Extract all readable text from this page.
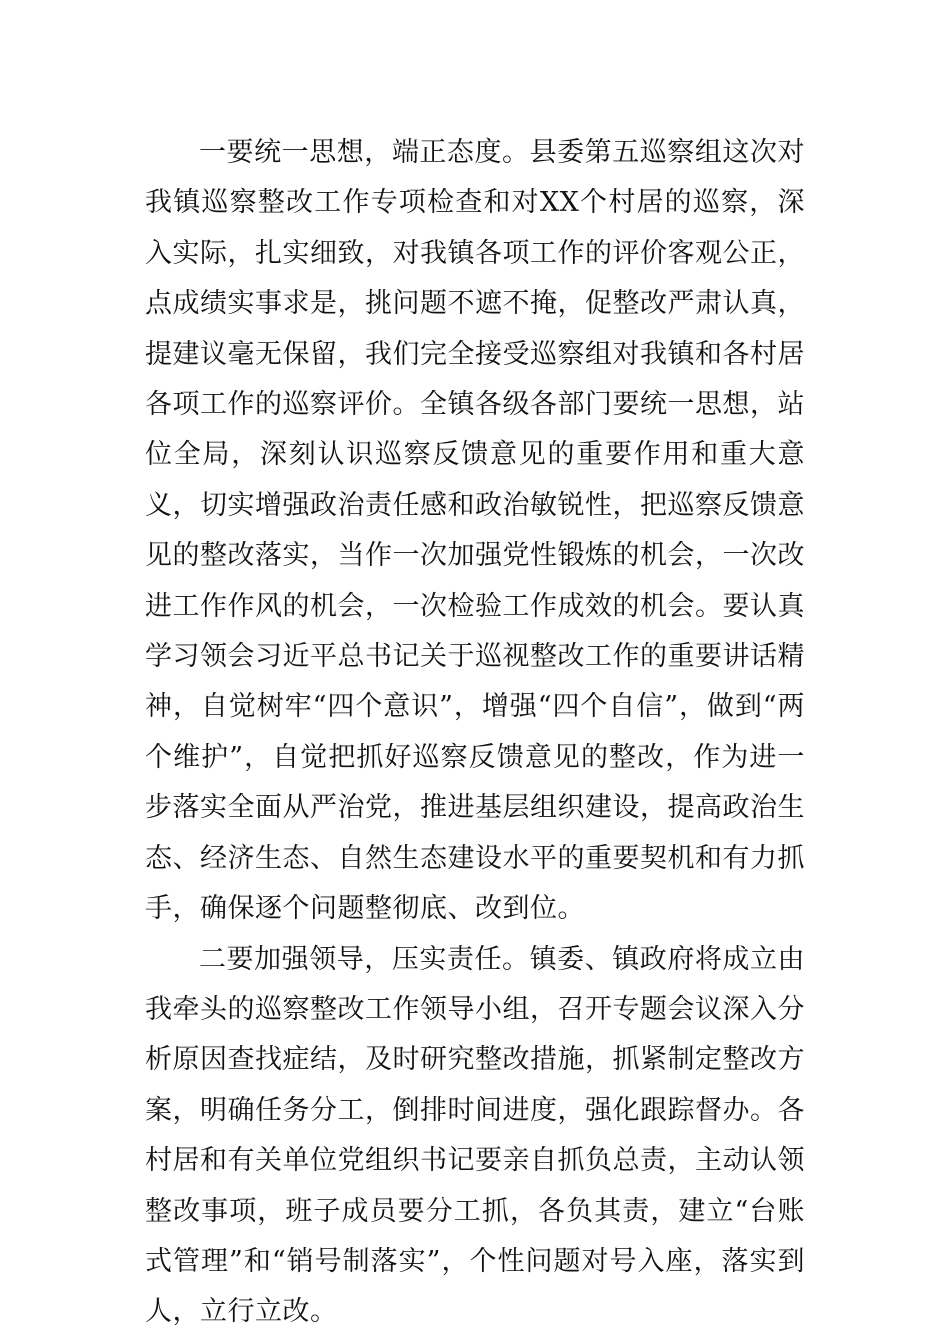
一要统一思想，端正态度。县委第五巡察组这次对我镇巡察整改工作专项检查和对XX个村居的巡察，深入实际，扎实细致，对我镇各项工作的评价客观公正，点成绩实事求是，挑问题不遮不掩，促整改严肃认真，提建议毫无保留，我们完全接受巡察组对我镇和各村居各项工作的巡察评价。全镇各级各部门要统一思想，站位全局，深刻认识巡察反馈意见的重要作用和重大意义，切实增强政治责任感和政治敏锐性，把巡察反馈意见的整改落实，当作一次加强党性锻炼的机会，一次改进工作作风的机会，一次检验工作成效的机会。要认真学习领会习近平总书记关于巡视整改工作的重要讲话精神，自觉树牢“四个意识”，增强“四个自信”，做到“两个维护”，自觉把抓好巡察反馈意见的整改，作为进一步落实全面从严治党，推进基层组织建设，提高政治生态、经济生态、自然生态建设水平的重要契机和有力抓手，确保逐个问题整彻底、改到位。

二要加强领导，压实责任。镇委、镇政府将成立由我牵头的巡察整改工作领导小组，召开专题会议深入分析原因查找症结，及时研究整改措施，抓紧制定整改方案，明确任务分工，倒排时间进度，强化跟踪督办。各村居和有关单位党组织书记要亲自抓负总责，主动认领整改事项，班子成员要分工抓，各负其责，建立“台账式管理”和“销号制落实”，个性问题对号入座，落实到人，立行立改。
